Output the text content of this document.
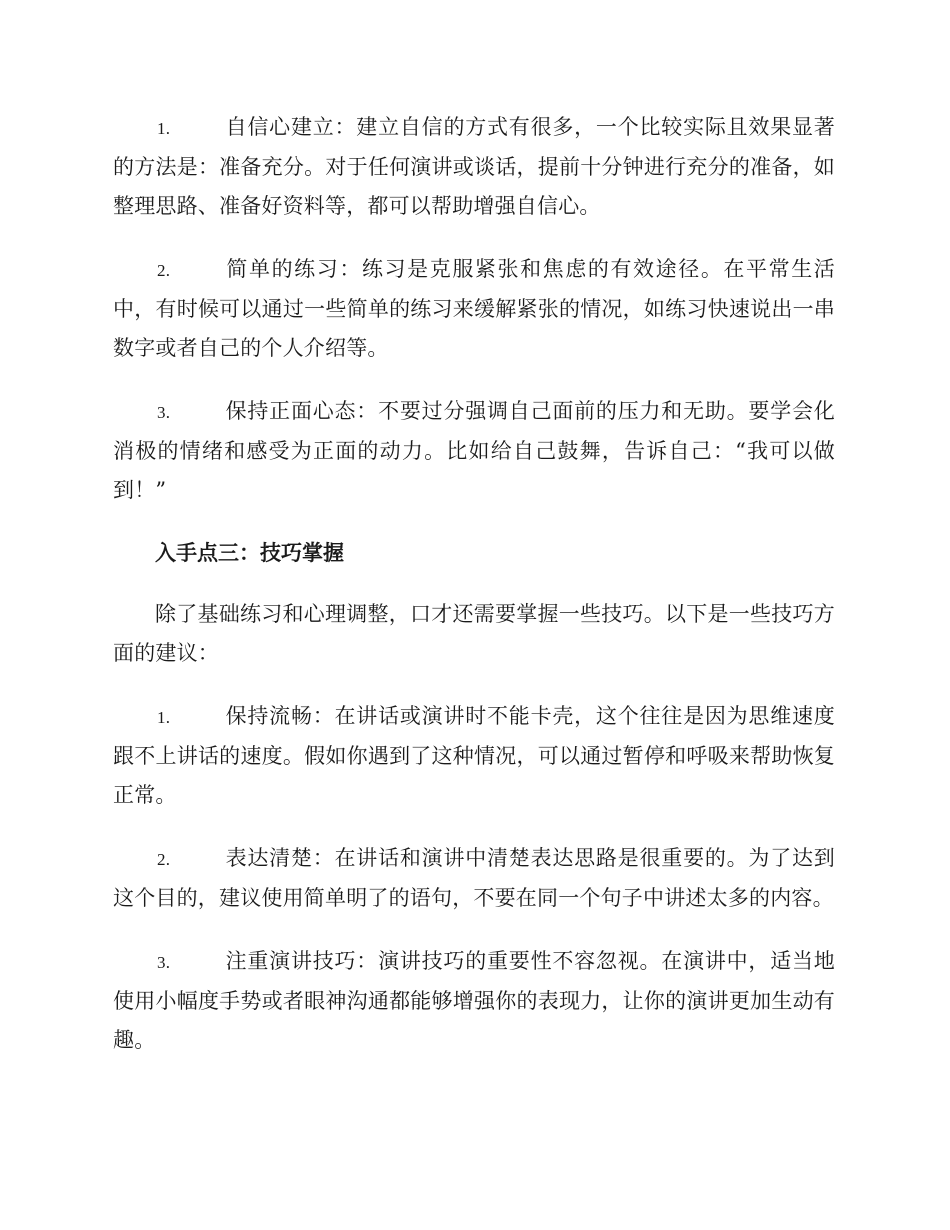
1.	自信心建立：建立自信的方式有很多，一个比较实际且效果显著的方法是：准备充分。对于任何演讲或谈话，提前十分钟进行充分的准备，如整理思路、准备好资料等，都可以帮助增强自信心。

2.	简单的练习：练习是克服紧张和焦虑的有效途径。在平常生活中，有时候可以通过一些简单的练习来缓解紧张的情况，如练习快速说出一串数字或者自己的个人介绍等。

3.	保持正面心态：不要过分强调自己面前的压力和无助。要学会化消极的情绪和感受为正面的动力。比如给自己鼓舞，告诉自己：“我可以做到！”

入手点三：技巧掌握

除了基础练习和心理调整，口才还需要掌握一些技巧。以下是一些技巧方面的建议：

1.	保持流畅：在讲话或演讲时不能卡壳，这个往往是因为思维速度跟不上讲话的速度。假如你遇到了这种情况，可以通过暂停和呼吸来帮助恢复正常。

2.	表达清楚：在讲话和演讲中清楚表达思路是很重要的。为了达到这个目的，建议使用简单明了的语句，不要在同一个句子中讲述太多的内容。

3.	注重演讲技巧：演讲技巧的重要性不容忽视。在演讲中，适当地使用小幅度手势或者眼神沟通都能够增强你的表现力，让你的演讲更加生动有趣。
